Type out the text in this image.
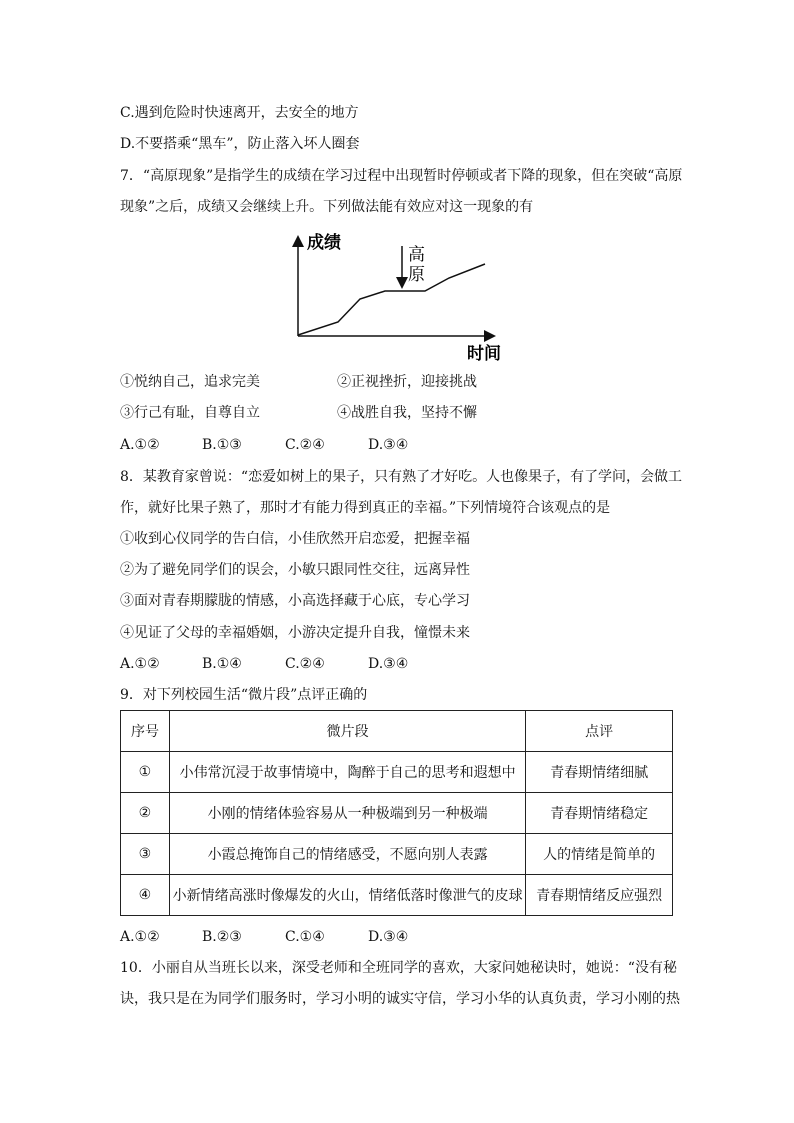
C.遇到危险时快速离开，去安全的地方
D.不要搭乘“黑车”，防止落入坏人圈套
7．“高原现象”是指学生的成绩在学习过程中出现暂时停顿或者下降的现象，但在突破“高原
现象”之后，成绩又会继续上升。下列做法能有效应对这一现象的有
成绩
时间
高
原
①悦纳自己，追求完美	②正视挫折，迎接挑战
③行己有耻，自尊自立	④战胜自我，坚持不懈
A.①②	B.①③	C.②④	D.③④
8．某教育家曾说：“恋爱如树上的果子，只有熟了才好吃。人也像果子，有了学问，会做工
作，就好比果子熟了，那时才有能力得到真正的幸福。”下列情境符合该观点的是
①收到心仪同学的告白信，小佳欣然开启恋爱，把握幸福
②为了避免同学们的误会，小敏只跟同性交往，远离异性
③面对青春期朦胧的情感，小高选择藏于心底，专心学习
④见证了父母的幸福婚姻，小游决定提升自我，憧憬未来
A.①②	B.①④	C.②④	D.③④
9．对下列校园生活“微片段”点评正确的
序号	微片段	点评
①	小伟常沉浸于故事情境中，陶醉于自己的思考和遐想中	青春期情绪细腻
②	小刚的情绪体验容易从一种极端到另一种极端	青春期情绪稳定
③	小霞总掩饰自己的情绪感受，不愿向别人表露	人的情绪是简单的
④	小新情绪高涨时像爆发的火山，情绪低落时像泄气的皮球	青春期情绪反应强烈
A.①②	B.②③	C.①④	D.③④
10．小丽自从当班长以来，深受老师和全班同学的喜欢，大家问她秘诀时，她说：“没有秘
诀，我只是在为同学们服务时，学习小明的诚实守信，学习小华的认真负责，学习小刚的热
